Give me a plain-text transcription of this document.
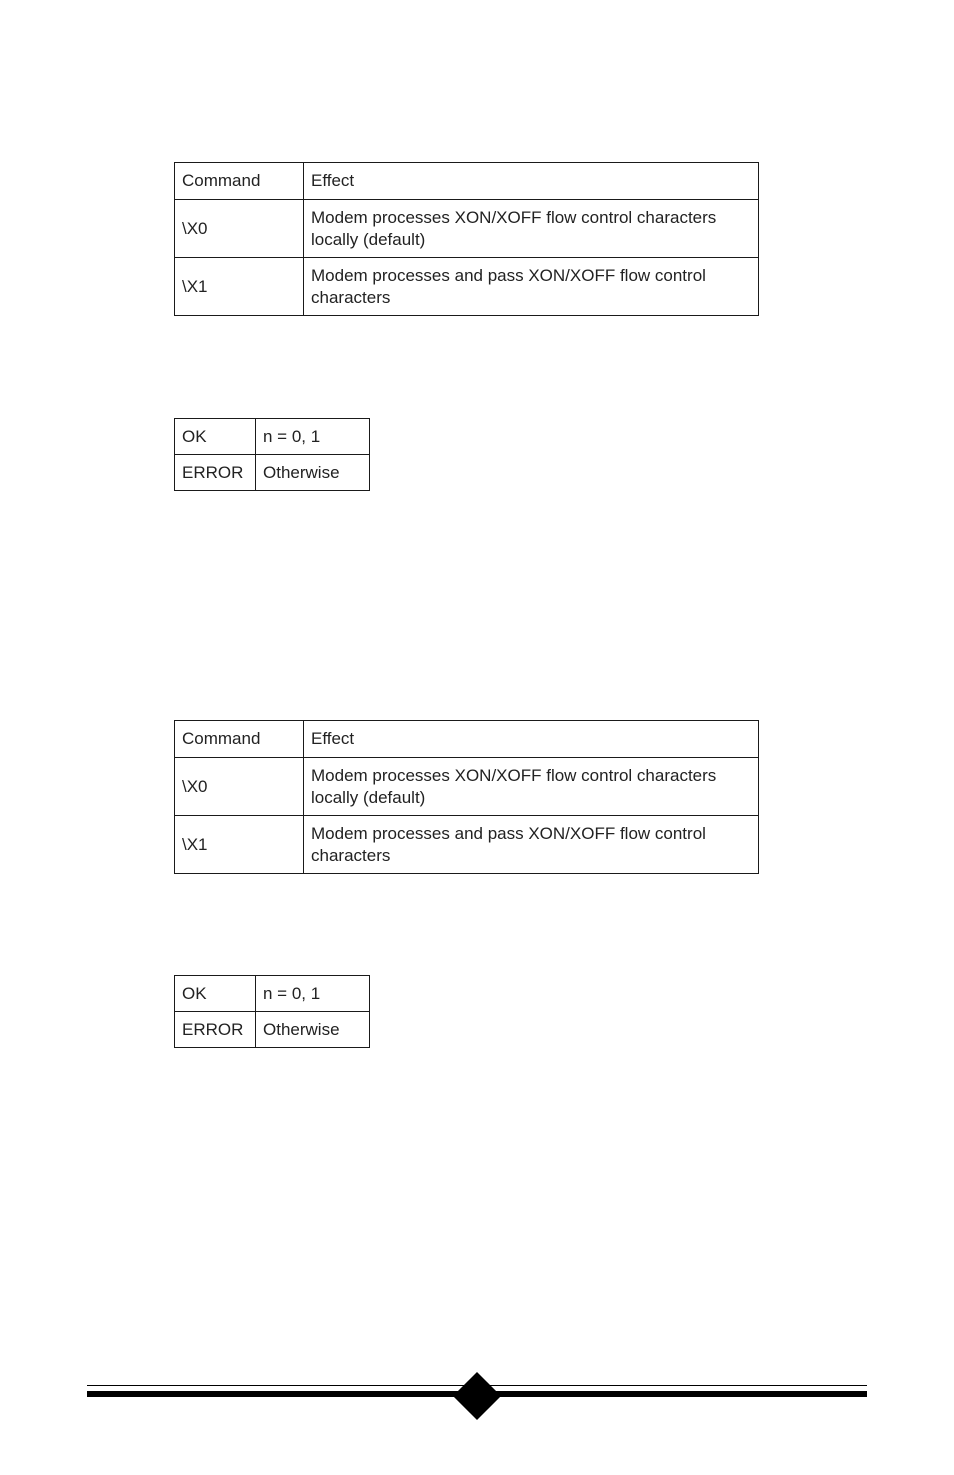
Command	Effect
\X0	Modem processes XON/XOFF flow control characters locally (default)
\X1	Modem processes and pass XON/XOFF flow control characters
OK	n = 0, 1
ERROR	Otherwise
Command	Effect
\X0	Modem processes XON/XOFF flow control characters locally (default)
\X1	Modem processes and pass XON/XOFF flow control characters
OK	n = 0, 1
ERROR	Otherwise
